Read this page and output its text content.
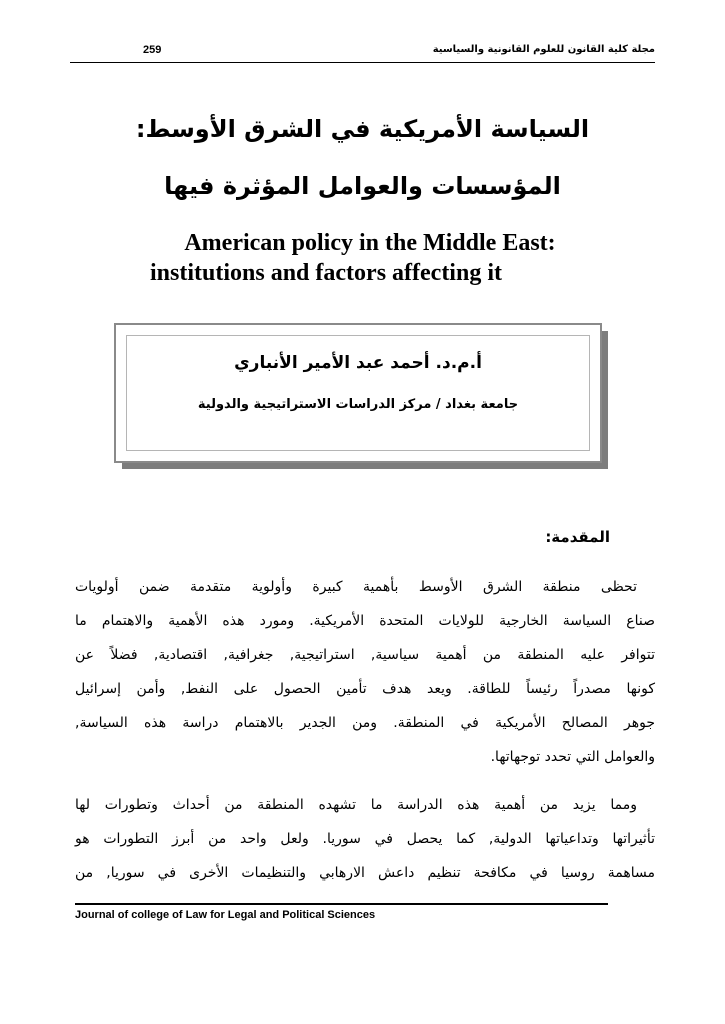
259	مجلة كلية القانون للعلوم القانونية والسياسية
السياسة الأمريكية في الشرق الأوسط:
المؤسسات والعوامل المؤثرة فيها
American policy in the Middle East:
institutions and factors affecting it
أ.م.د. أحمد عبد الأمير الأنباري
جامعة بغداد / مركز الدراسات الاستراتيجية والدولية
المقدمة:
تحظى منطقة الشرق الأوسط بأهمية كبيرة وأولوية متقدمة ضمن أولويات
صناع السياسة الخارجية للولايات المتحدة الأمريكية. ومورد هذه الأهمية والاهتمام ما
تتوافر عليه المنطقة من أهمية سياسية, استراتيجية, جغرافية, اقتصادية, فضلاً عن
كونها مصدراً رئيساً للطاقة. ويعد هدف تأمين الحصول على النفط, وأمن إسرائيل
جوهر المصالح الأمريكية في المنطقة. ومن الجدير بالاهتمام دراسة هذه السياسة,
والعوامل التي تحدد توجهاتها.
ومما يزيد من أهمية هذه الدراسة ما تشهده المنطقة من أحداث وتطورات لها
تأثيراتها وتداعياتها الدولية, كما يحصل في سوريا. ولعل واحد من أبرز التطورات هو
مساهمة روسيا في مكافحة تنظيم داعش الارهابي والتنظيمات الأخرى في سوريا, من
Journal of college of Law for Legal and Political Sciences
